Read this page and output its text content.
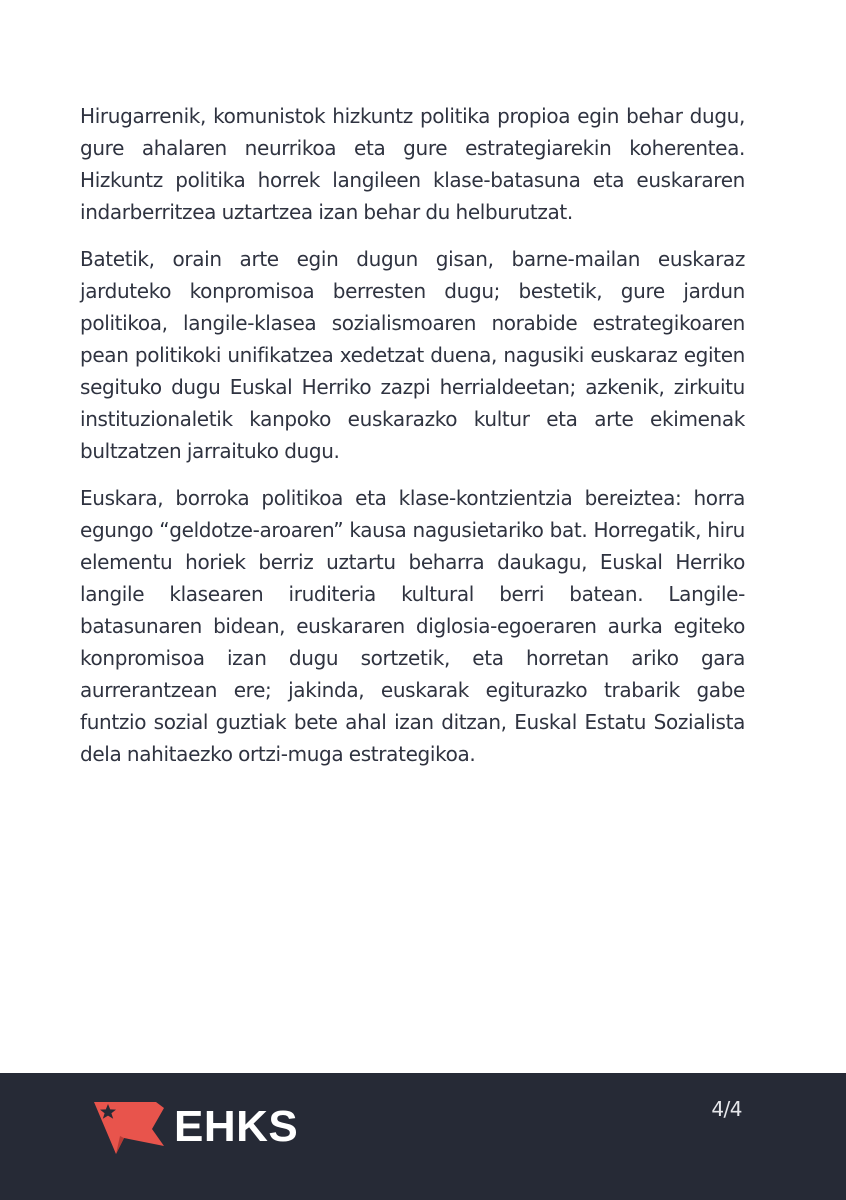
Hirugarrenik, komunistok hizkuntz politika propioa egin behar dugu, gure ahalaren neurrikoa eta gure estrategiarekin koherentea. Hizkuntz politika horrek langileen klase-batasuna eta euskararen indarberritzea uztartzea izan behar du helburutzat.

Batetik, orain arte egin dugun gisan, barne-mailan euskaraz jarduteko konpromisoa berresten dugu; bestetik, gure jardun politikoa, langile-klasea sozialismoaren norabide estrategikoaren pean politikoki unifikatzea xedetzat duena, nagusiki euskaraz egiten segituko dugu Euskal Herriko zazpi herrialdeetan; azkenik, zirkuitu instituzionaletik kanpoko euskarazko kultur eta arte ekimenak bultzatzen jarraituko dugu.

Euskara, borroka politikoa eta klase-kontzientzia bereiztea: horra egungo “geldotze-aroaren” kausa nagusietariko bat. Horregatik, hiru elementu horiek berriz uztartu beharra daukagu, Euskal Herriko langile klasearen iruditeria kultural berri batean. Langile-batasunaren bidean, euskararen diglosia-egoeraren aurka egiteko konpromisoa izan dugu sortzetik, eta horretan ariko gara aurrerantzean ere; jakinda, euskarak egiturazko trabarik gabe funtzio sozial guztiak bete ahal izan ditzan, Euskal Estatu Sozialista dela nahitaezko ortzi-muga estrategikoa.

EHKS	4/4
